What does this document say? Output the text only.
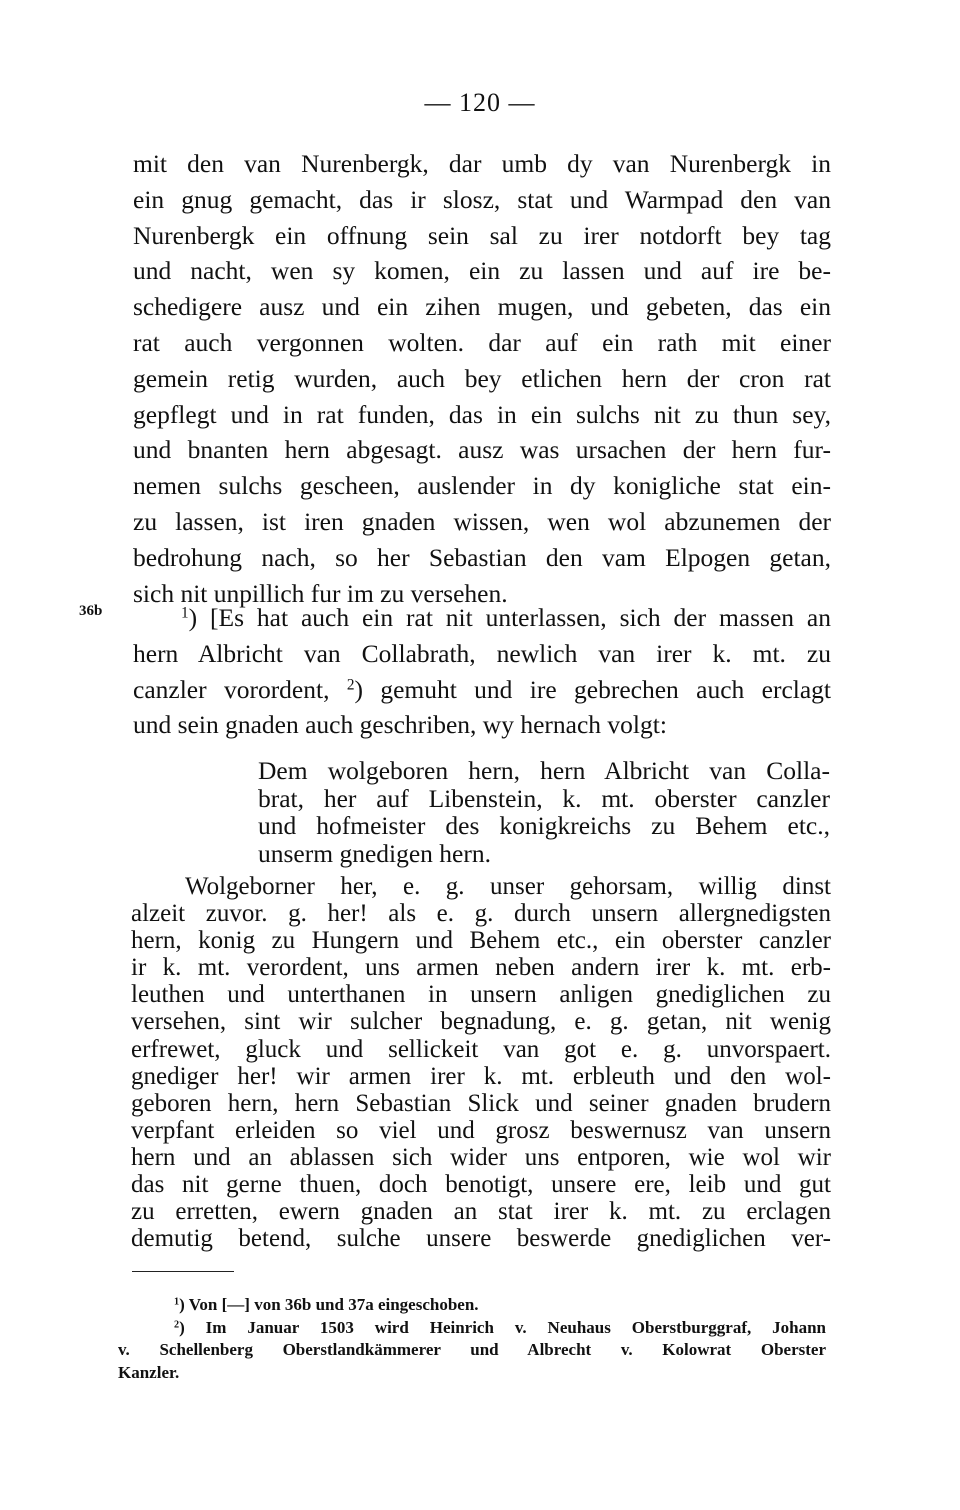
— 120 —
36b
mit den van Nurenbergk, dar umb dy van Nurenbergk in
ein gnug gemacht, das ir slosz, stat und Warmpad den van
Nurenbergk ein offnung sein sal zu irer notdorft bey tag
und nacht, wen sy komen, ein zu lassen und auf ire be-
schedigere ausz und ein zihen mugen, und gebeten, das ein
rat auch vergonnen wolten. dar auf ein rath mit einer
gemein retig wurden, auch bey etlichen hern der cron rat
gepflegt und in rat funden, das in ein sulchs nit zu thun sey,
und bnanten hern abgesagt. ausz was ursachen der hern fur-
nemen sulchs gescheen, auslender in dy konigliche stat ein-
zu lassen, ist iren gnaden wissen, wen wol abzunemen der
bedrohung nach, so her Sebastian den vam Elpogen getan,
sich nit unpillich fur im zu versehen.
$^1$) [Es hat auch ein rat nit unterlassen, sich der massen an
hern Albricht van Collabrath, newlich van irer k. mt. zu
canzler vorordent, $^2$) gemuht und ire gebrechen auch erclagt
und sein gnaden auch geschriben, wy hernach volgt:
Dem wolgeboren hern, hern Albricht van Colla-
brat, her auf Libenstein, k. mt. oberster canzler
und hofmeister des konigkreichs zu Behem etc.,
unserm gnedigen hern.
Wolgeborner her, e. g. unser gehorsam, willig dinst
alzeit zuvor. g. her! als e. g. durch unsern allergnedigsten
hern, konig zu Hungern und Behem etc., ein oberster canzler
ir k. mt. verordent, uns armen neben andern irer k. mt. erb-
leuthen und unterthanen in unsern anligen gnediglichen zu
versehen, sint wir sulcher begnadung, e. g. getan, nit wenig
erfrewet, gluck und sellickeit van got e. g. unvorspaert.
gnediger her! wir armen irer k. mt. erbleuth und den wol-
geboren hern, hern Sebastian Slick und seiner gnaden brudern
verpfant erleiden so viel und grosz beswernusz van unsern
hern und an ablassen sich wider uns entporen, wie wol wir
das nit gerne thuen, doch benotigt, unsere ere, leib und gut
zu erretten, ewern gnaden an stat irer k. mt. zu erclagen
demutig betend, sulche unsere beswerde gnediglichen ver-
$^1$) Von [—] von 36b und 37a eingeschoben.
$^2$) Im Januar 1503 wird Heinrich v. Neuhaus Oberstburggraf, Johann
v. Schellenberg Oberstlandkämmerer und Albrecht v. Kolowrat Oberster
Kanzler.
